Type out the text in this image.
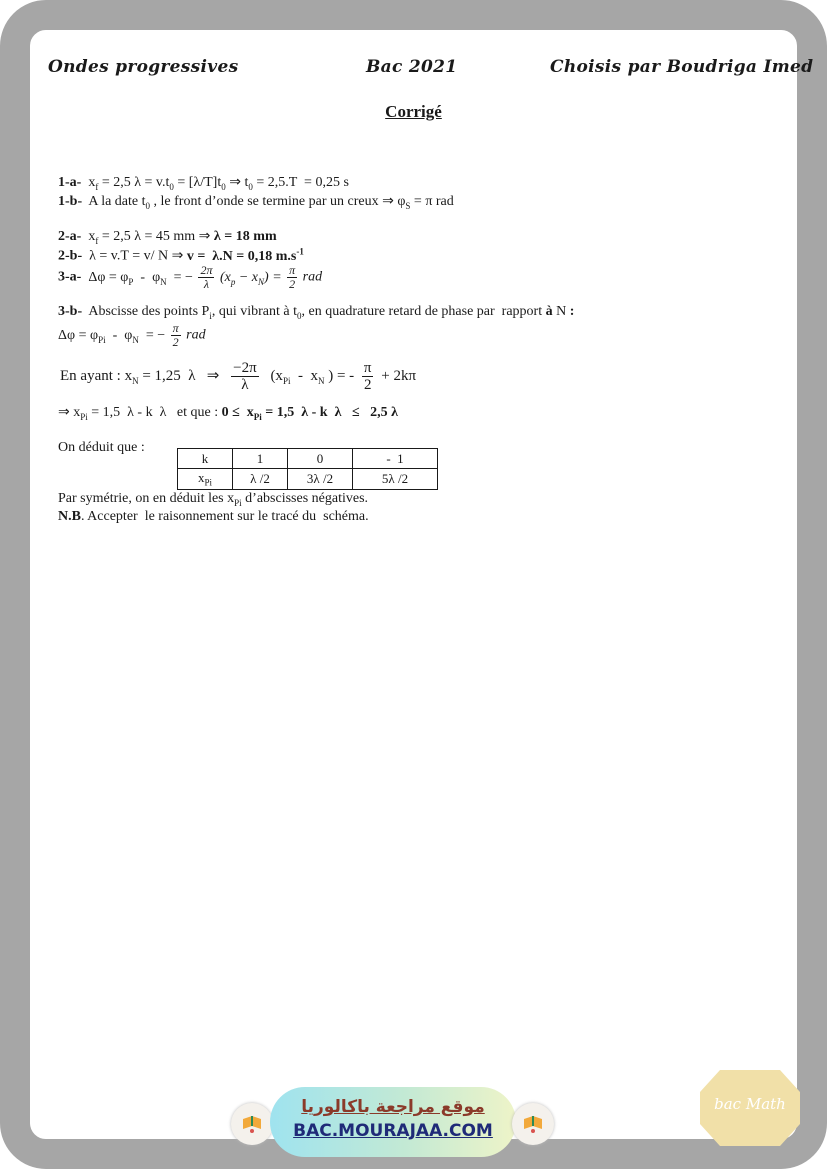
Ondes progressives	Bac 2021	Choisis par Boudriga Imed
Corrigé
1-a- $x_f = 2,5$ $\lambda = v.t_0 = [\lambda/T]t_0$ ⇒ $t_0 = 2,5.T = 0,25$ s
1-b- A la date $t_0$ , le front d’onde se termine par un creux ⇒ $\varphi_S = \pi$ rad
2-a- $x_f = 2,5$ λ = 45 mm ⇒ λ = 18 mm
2-b- λ = v.T = v/ N ⇒ v =  λ.N = 0,18 $m.s^{-1}$
3-a- $\Delta\varphi = \varphi_P - \varphi_N$  = − $\frac{2\pi}{\lambda} (x_p - x_N) = \frac{\pi}{2}$ rad
3-b- Abscisse des points $P_i$, qui vibrant à $t_0$, en quadrature retard de phase par  rapport à N :
$\Delta\varphi = \varphi_{Pi} - \varphi_N$  = − $\frac{\pi}{2}$ rad
En ayant : $x_N = 1,25$  λ   ⇒ $\frac{-2\pi}{\lambda} (x_{Pi} - x_N$ ) = - $\frac{\pi}{2} + 2k\pi$
⇒ $x_{Pi} = 1,5$  λ - k  λ   et que : $0 \le x_{Pi} = 1,5$  λ - k  λ   ≤   2,5 λ
On déduit que :
k	1	0	-  1
$x_{Pi}$	λ /2	3λ /2	5λ /2
Par symétrie, on en déduit les $x_{Pi}$ d’abscisses négatives.
N.B. Accepter  le raisonnement sur le tracé du  schéma.
موقع مراجعة باكالوريا
BAC.MOURAJAA.COM
bac Math
